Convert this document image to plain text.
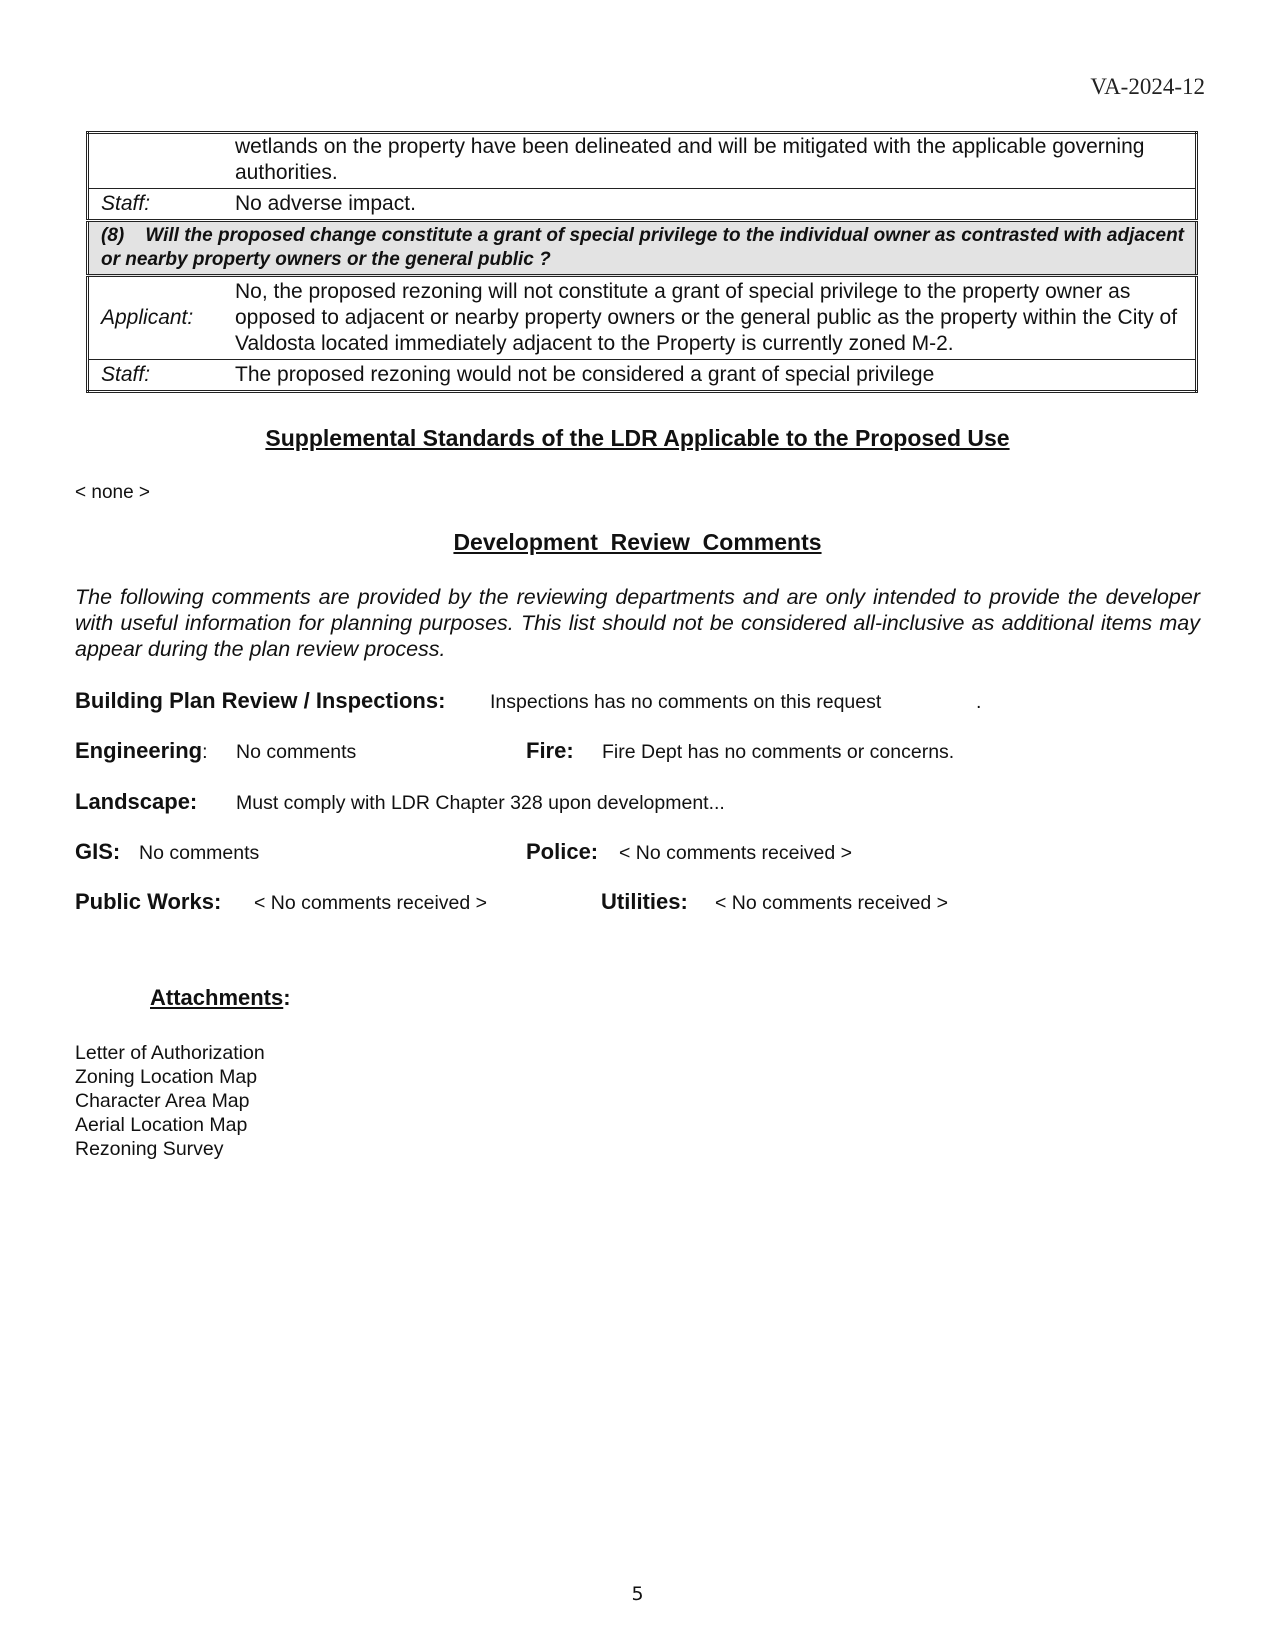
VA-2024-12
	wetlands on the property have been delineated and will be mitigated with the applicable governing authorities.
Staff:	No adverse impact.
(8)    Will the proposed change constitute a grant of special privilege to the individual owner as contrasted with adjacent or nearby property owners or the general public ?	
Applicant:	No, the proposed rezoning will not constitute a grant of special privilege to the property owner as opposed to adjacent or nearby property owners or the general public as the property within the City of Valdosta located immediately adjacent to the Property is currently zoned M-2.
Staff:	The proposed rezoning would not be considered a grant of special privilege
Supplemental Standards of the LDR Applicable to the Proposed Use
< none >
Development  Review  Comments
The following comments are provided by the reviewing departments and are only intended to provide the developer with useful information for planning purposes. This list should not be considered all-inclusive as additional items may appear during the plan review process.
Building Plan Review / Inspections: Inspections has no comments on this request	.
Engineering: No comments	Fire: Fire Dept has no comments or concerns.
Landscape: Must comply with LDR Chapter 328 upon development...
GIS: No comments	Police: < No comments received >
Public Works: < No comments received >	Utilities: < No comments received >
Attachments:
Letter of Authorization
Zoning Location Map
Character Area Map
Aerial Location Map
Rezoning Survey
5
